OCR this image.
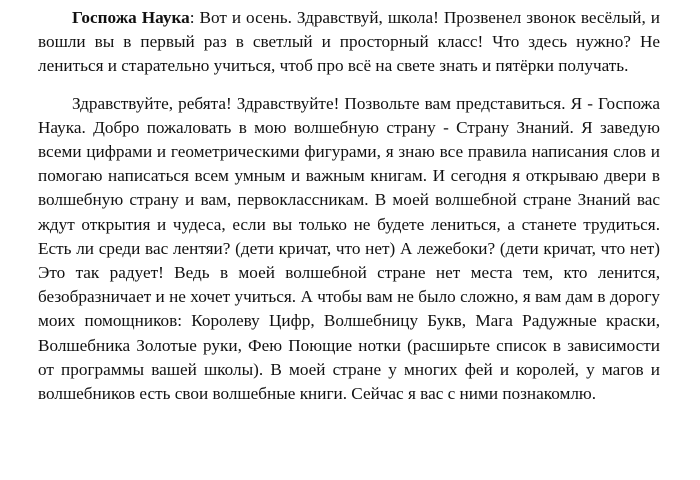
Госпожа Наука: Вот и осень. Здравствуй, школа! Прозвенел звонок весёлый, и вошли вы в первый раз в светлый и просторный класс! Что здесь нужно? Не лениться и старательно учиться, чтоб про всё на свете знать и пятёрки получать.

Здравствуйте, ребята! Здравствуйте! Позвольте вам представиться. Я - Госпожа Наука. Добро пожаловать в мою волшебную страну - Страну Знаний. Я заведую всеми цифрами и геометрическими фигурами, я знаю все правила написания слов и помогаю написаться всем умным и важным книгам. И сегодня я открываю двери в волшебную страну и вам, первоклассникам. В моей волшебной стране Знаний вас ждут открытия и чудеса, если вы только не будете лениться, а станете трудиться. Есть ли среди вас лентяи? (дети кричат, что нет) А лежебоки? (дети кричат, что нет) Это так радует! Ведь в моей волшебной стране нет места тем, кто ленится, безобразничает и не хочет учиться. А чтобы вам не было сложно, я вам дам в дорогу моих помощников: Королеву Цифр, Волшебницу Букв, Мага Радужные краски, Волшебника Золотые руки, Фею Поющие нотки (расширьте список в зависимости от программы вашей школы). В моей стране у многих фей и королей, у магов и волшебников есть свои волшебные книги. Сейчас я вас с ними познакомлю.
